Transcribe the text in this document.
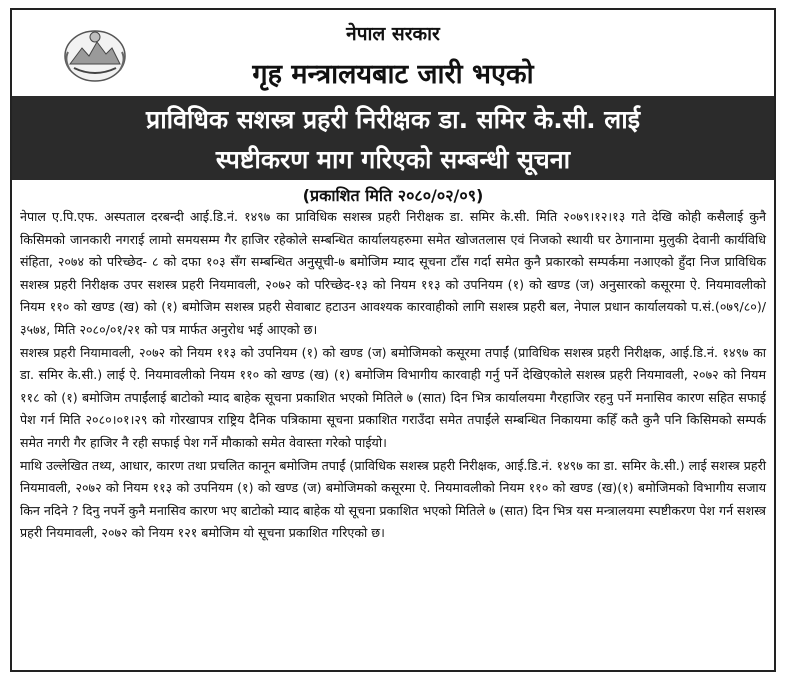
नेपाल सरकार
गृह मन्त्रालयबाट जारी भएको
प्राविधिक सशस्त्र प्रहरी निरीक्षक डा. समिर के.सी. लाई
स्पष्टीकरण माग गरिएको सम्बन्धी सूचना
(प्रकाशित मिति २०८०/०२/०९)

नेपाल ए.पि.एफ. अस्पताल दरबन्दी आई.डि.नं. १४९७ का प्राविधिक सशस्त्र प्रहरी निरीक्षक डा. समिर के.सी. मिति २०७९।१२।१३ गते देखि कोही कसैलाई कुनै किसिमको जानकारी नगराई लामो समयसम्म गैर हाजिर रहेकोले सम्बन्धित कार्यालयहरुमा समेत खोजतलास एवं निजको स्थायी घर ठेगानामा मुलुकी देवानी कार्यविधि संहिता, २०७४ को परिच्छेद- ८ को दफा १०३ सँग सम्बन्धित अनुसूची-७ बमोजिम म्याद सूचना टाँस गर्दा समेत कुनै प्रकारको सम्पर्कमा नआएको हुँदा निज प्राविधिक सशस्त्र प्रहरी निरीक्षक उपर सशस्त्र प्रहरी नियमावली, २०७२ को परिच्छेद-१३ को नियम ११३ को उपनियम (१) को खण्ड (ज) अनुसारको कसूरमा ऐ. नियमावलीको नियम ११० को खण्ड (ख) को (१) बमोजिम सशस्त्र प्रहरी सेवाबाट हटाउन आवश्यक कारवाहीको लागि सशस्त्र प्रहरी बल, नेपाल प्रधान कार्यालयको प.सं.(०७९/८०)/३५७४, मिति २०८०/०१/२१ को पत्र मार्फत अनुरोध भई आएको छ।

सशस्त्र प्रहरी नियामावली, २०७२ को नियम ११३ को उपनियम (१) को खण्ड (ज) बमोजिमको कसूरमा तपाईं (प्राविधिक सशस्त्र प्रहरी निरीक्षक, आई.डि.नं. १४९७ का डा. समिर के.सी.) लाई ऐ. नियमावलीको नियम ११० को खण्ड (ख) (१) बमोजिम विभागीय कारवाही गर्नु पर्ने देखिएकोले सशस्त्र प्रहरी नियमावली, २०७२ को नियम ११८ को (१) बमोजिम तपाईंलाई बाटोको म्याद बाहेक सूचना प्रकाशित भएको मितिले ७ (सात) दिन भित्र कार्यालयमा गैरहाजिर रहनु पर्ने मनासिव कारण सहित सफाई पेश गर्न मिति २०८०।०१।२९ को गोरखापत्र राष्ट्रिय दैनिक पत्रिकामा सूचना प्रकाशित गराउँदा समेत तपाईंले सम्बन्धित निकायमा कहिँ कतै कुनै पनि किसिमको सम्पर्क समेत नगरी गैर हाजिर नै रही सफाई पेश गर्ने मौकाको समेत वेवास्ता गरेको पाईयो।

माथि उल्लेखित तथ्य, आधार, कारण तथा प्रचलित कानून बमोजिम तपाईं (प्राविधिक सशस्त्र प्रहरी निरीक्षक, आई.डि.नं. १४९७ का डा. समिर के.सी.) लाई सशस्त्र प्रहरी नियमावली, २०७२ को नियम ११३ को उपनियम (१) को खण्ड (ज) बमोजिमको कसूरमा ऐ. नियमावलीको नियम ११० को खण्ड (ख)(१) बमोजिमको विभागीय सजाय किन नदिने ? दिनु नपर्ने कुनै मनासिव कारण भए बाटोको म्याद बाहेक यो सूचना प्रकाशित भएको मितिले ७ (सात) दिन भित्र यस मन्त्रालयमा स्पष्टीकरण पेश गर्न सशस्त्र प्रहरी नियमावली, २०७२ को नियम १२१ बमोजिम यो सूचना प्रकाशित गरिएको छ।
